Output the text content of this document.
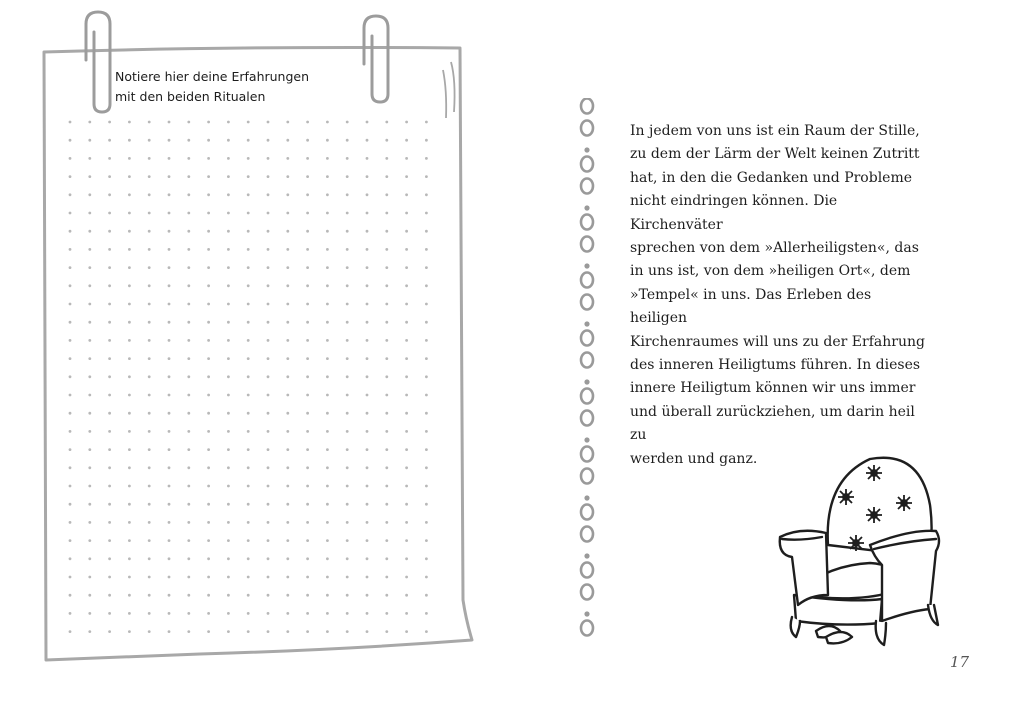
Notiere hier deine Erfahrungen
mit den beiden Ritualen
In jedem von uns ist ein Raum der Stille,
zu dem der Lärm der Welt keinen Zutritt
hat, in den die Gedanken und Probleme
nicht eindringen können. Die Kirchenväter
sprechen von dem »Allerheiligsten«, das
in uns ist, von dem »heiligen Ort«, dem
»Tempel« in uns. Das Erleben des heiligen
Kirchenraumes will uns zu der Erfahrung
des inneren Heiligtums führen. In dieses
innere Heiligtum können wir uns immer
und überall zurückziehen, um darin heil zu
werden und ganz.
17
